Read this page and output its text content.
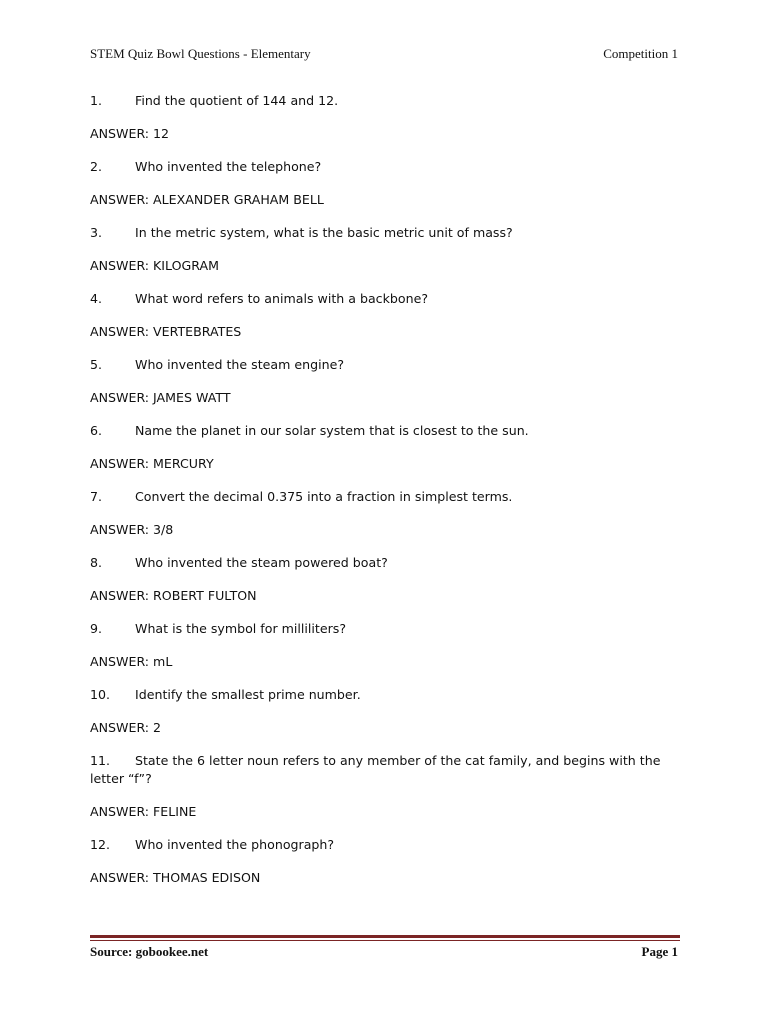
STEM Quiz Bowl Questions - Elementary	Competition 1
1.	Find the quotient of 144 and 12.
ANSWER: 12
2.	Who invented the telephone?
ANSWER: ALEXANDER GRAHAM BELL
3.	In the metric system, what is the basic metric unit of mass?
ANSWER: KILOGRAM
4.	What word refers to animals with a backbone?
ANSWER: VERTEBRATES
5.	Who invented the steam engine?
ANSWER: JAMES WATT
6.	Name the planet in our solar system that is closest to the sun.
ANSWER: MERCURY
7.	Convert the decimal 0.375 into a fraction in simplest terms.
ANSWER: 3/8
8.	Who invented the steam powered boat?
ANSWER: ROBERT FULTON
9.	What is the symbol for milliliters?
ANSWER: mL
10. Identify the smallest prime number.
ANSWER: 2
11. State the 6 letter noun refers to any member of the cat family, and begins with the letter “f”?
ANSWER: FELINE
12. Who invented the phonograph?
ANSWER: THOMAS EDISON
Source: gobookee.net	Page 1
